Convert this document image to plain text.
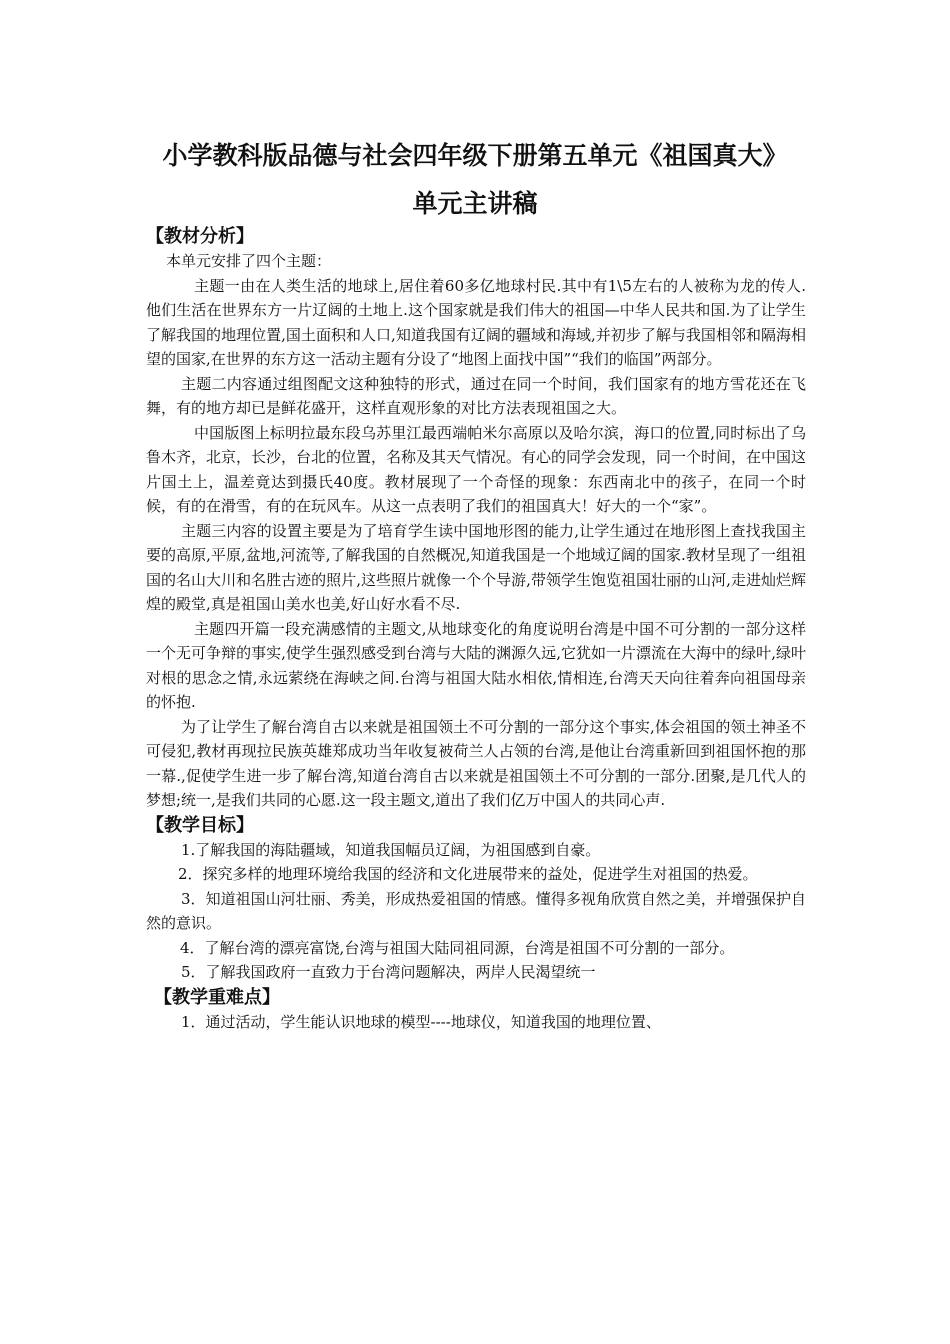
小学教科版品德与社会四年级下册第五单元《祖国真大》
单元主讲稿
【教材分析】
本单元安排了四个主题：
主题一由在人类生活的地球上,居住着60多亿地球村民.其中有1\5左右的人被称为龙的传人.他们生活在世界东方一片辽阔的土地上.这个国家就是我们伟大的祖国—中华人民共和国.为了让学生了解我国的地理位置,国土面积和人口,知道我国有辽阔的疆域和海域,并初步了解与我国相邻和隔海相望的国家,在世界的东方这一活动主题有分设了“地图上面找中国”“我们的临国”两部分。
主题二内容通过组图配文这种独特的形式，通过在同一个时间，我们国家有的地方雪花还在飞舞，有的地方却已是鲜花盛开，这样直观形象的对比方法表现祖国之大。
中国版图上标明拉最东段乌苏里江最西端帕米尔高原以及哈尔滨，海口的位置,同时标出了乌鲁木齐，北京，长沙，台北的位置，名称及其天气情况。有心的同学会发现，同一个时间，在中国这片国土上，温差竟达到摄氏40度。教材展现了一个奇怪的现象：东西南北中的孩子，在同一个时候，有的在滑雪，有的在玩风车。从这一点表明了我们的祖国真大！好大的一个“家”。
主题三内容的设置主要是为了培育学生读中国地形图的能力,让学生通过在地形图上查找我国主要的高原,平原,盆地,河流等,了解我国的自然概况,知道我国是一个地域辽阔的国家.教材呈现了一组祖国的名山大川和名胜古迹的照片,这些照片就像一个个导游,带领学生饱览祖国壮丽的山河,走进灿烂辉煌的殿堂,真是祖国山美水也美,好山好水看不尽.
主题四开篇一段充满感情的主题文,从地球变化的角度说明台湾是中国不可分割的一部分这样一个无可争辩的事实,使学生强烈感受到台湾与大陆的渊源久远,它犹如一片漂流在大海中的绿叶,绿叶对根的思念之情,永远萦绕在海峡之间.台湾与祖国大陆水相依,情相连,台湾天天向往着奔向祖国母亲的怀抱.
为了让学生了解台湾自古以来就是祖国领土不可分割的一部分这个事实,体会祖国的领土神圣不可侵犯,教材再现拉民族英雄郑成功当年收复被荷兰人占领的台湾,是他让台湾重新回到祖国怀抱的那一幕.,促使学生进一步了解台湾,知道台湾自古以来就是祖国领土不可分割的一部分.团聚,是几代人的梦想;统一,是我们共同的心愿.这一段主题文,道出了我们亿万中国人的共同心声.
【教学目标】
1.了解我国的海陆疆域，知道我国幅员辽阔，为祖国感到自豪。
2．探究多样的地理环境给我国的经济和文化进展带来的益处，促进学生对祖国的热爱。
3．知道祖国山河壮丽、秀美，形成热爱祖国的情感。懂得多视角欣赏自然之美，并增强保护自然的意识。
4．了解台湾的漂亮富饶,台湾与祖国大陆同祖同源，台湾是祖国不可分割的一部分。
5．了解我国政府一直致力于台湾问题解决，两岸人民渴望统一
【教学重难点】
1．通过活动，学生能认识地球的模型----地球仪，知道我国的地理位置、
